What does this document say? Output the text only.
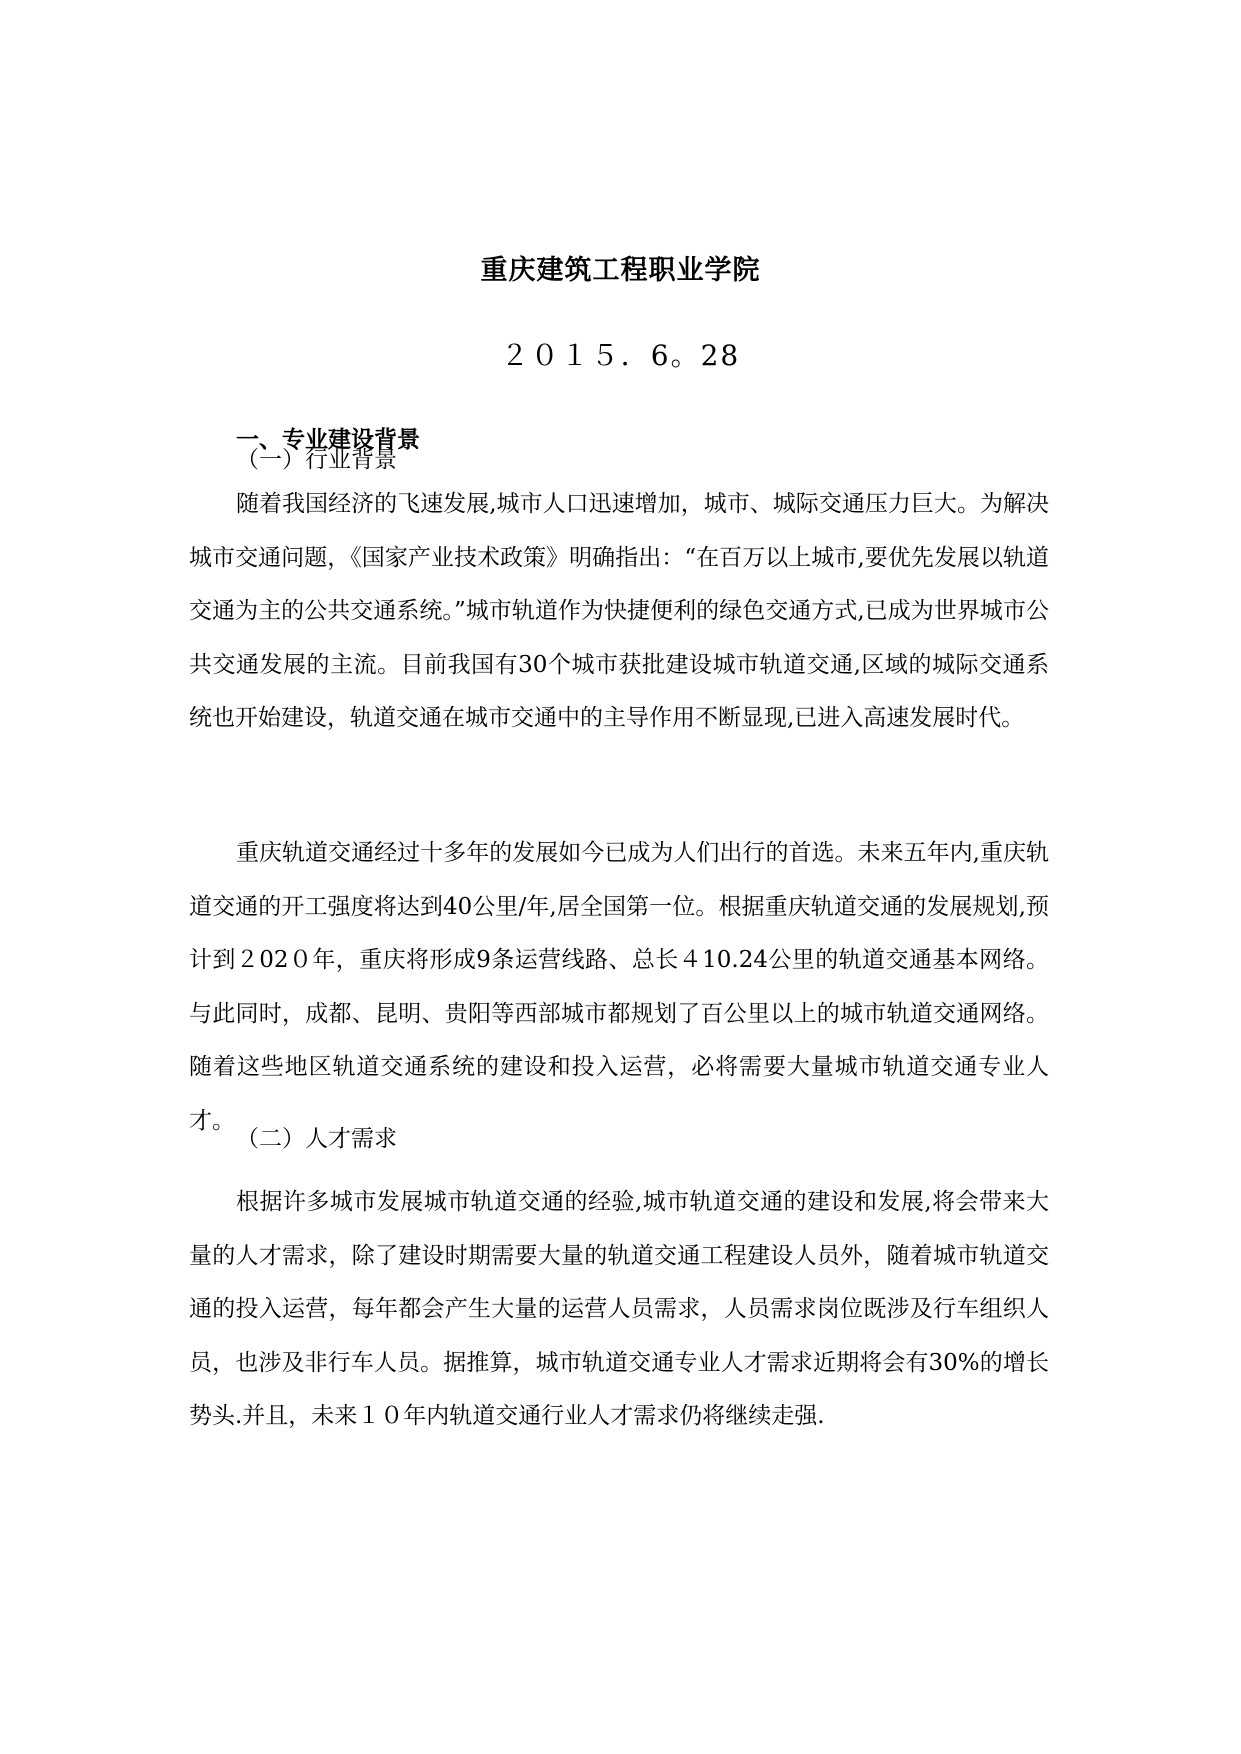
重庆建筑工程职业学院
２０１５．6。28
一、专业建设背景
（一）行业背景

随着我国经济的飞速发展,城市人口迅速增加，城市、城际交通压力巨大。为解决城市交通问题，《国家产业技术政策》明确指出：“在百万以上城市,要优先发展以轨道交通为主的公共交通系统。”城市轨道作为快捷便利的绿色交通方式,已成为世界城市公共交通发展的主流。目前我国有30个城市获批建设城市轨道交通,区域的城际交通系统也开始建设，轨道交通在城市交通中的主导作用不断显现,已进入高速发展时代。

重庆轨道交通经过十多年的发展如今已成为人们出行的首选。未来五年内,重庆轨道交通的开工强度将达到40公里/年,居全国第一位。根据重庆轨道交通的发展规划,预计到２02０年，重庆将形成9条运营线路、总长４10.24公里的轨道交通基本网络。与此同时，成都、昆明、贵阳等西部城市都规划了百公里以上的城市轨道交通网络。随着这些地区轨道交通系统的建设和投入运营，必将需要大量城市轨道交通专业人才。

（二）人才需求

根据许多城市发展城市轨道交通的经验,城市轨道交通的建设和发展,将会带来大量的人才需求，除了建设时期需要大量的轨道交通工程建设人员外，随着城市轨道交通的投入运营，每年都会产生大量的运营人员需求，人员需求岗位既涉及行车组织人员，也涉及非行车人员。据推算，城市轨道交通专业人才需求近期将会有30%的增长势头.并且，未来１０年内轨道交通行业人才需求仍将继续走强.
